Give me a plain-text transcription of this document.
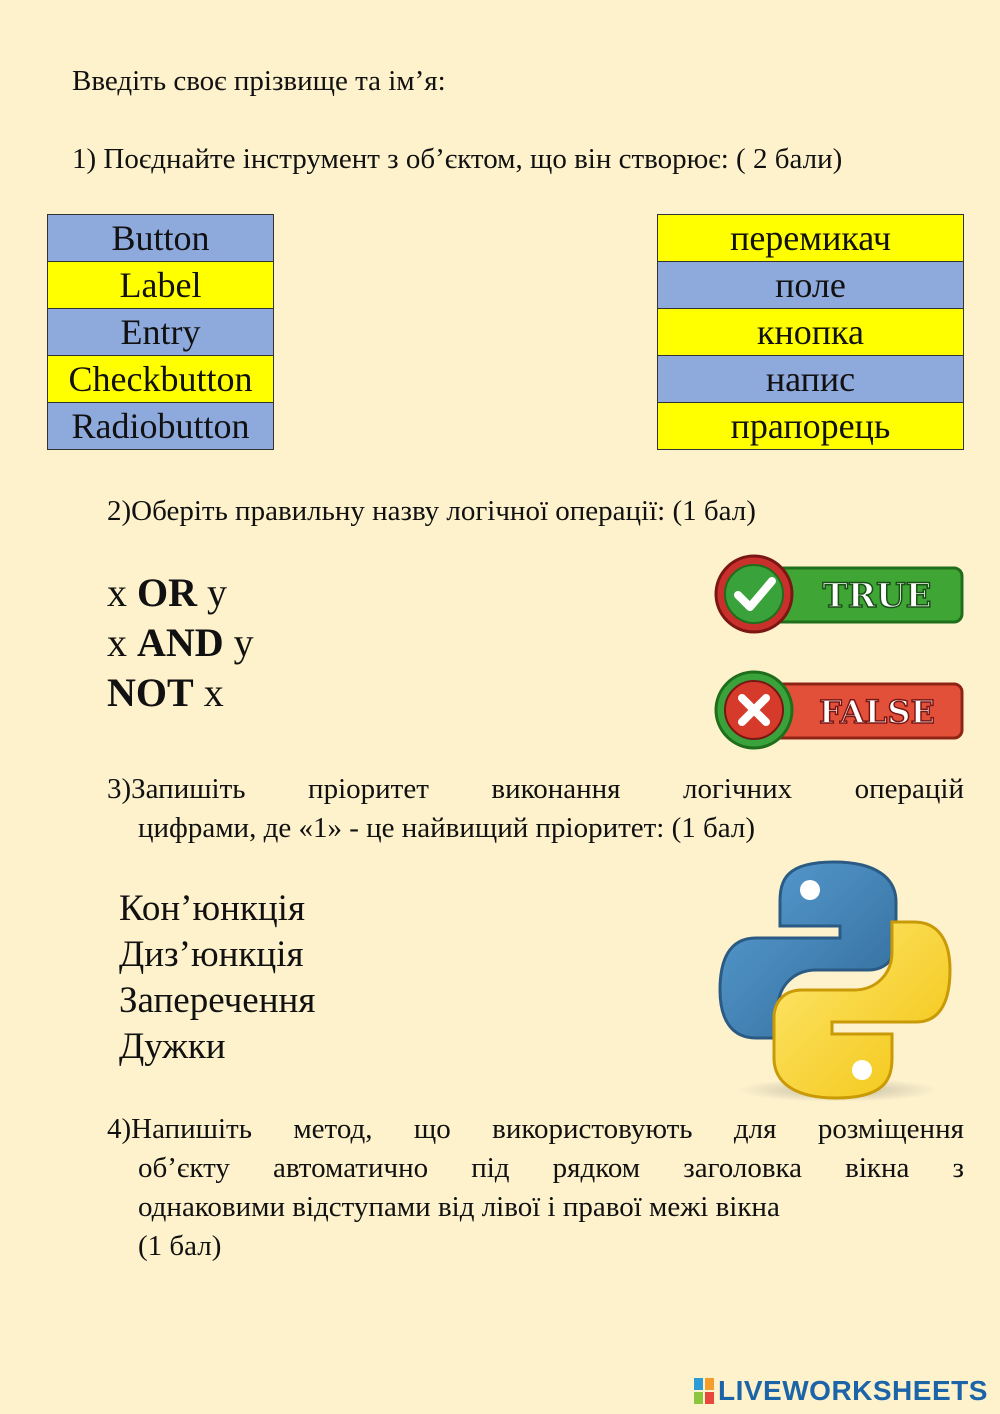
Введіть своє прізвище та ім’я:
1) Поєднайте інструмент з об’єктом, що він створює: ( 2 бали)
Button
Label
Entry
Checkbutton
Radiobutton
перемикач
поле
кнопка
напис
прапорець
2)Оберіть правильну назву логічної операції: (1 бал)
x OR y
x AND y
NOT x
TRUE
FALSE
3)Запишіть пріоритет виконання логічних операцій
цифрами, де «1» - це найвищий пріоритет: (1 бал)
Кон’юнкція
Диз’юнкція
Заперечення
Дужки
4)Напишіть метод, що використовують для розміщення
об’єкту автоматично під рядком заголовка вікна з
однаковими відступами від лівої і правої межі вікна
(1 бал)
LIVEWORKSHEETS
